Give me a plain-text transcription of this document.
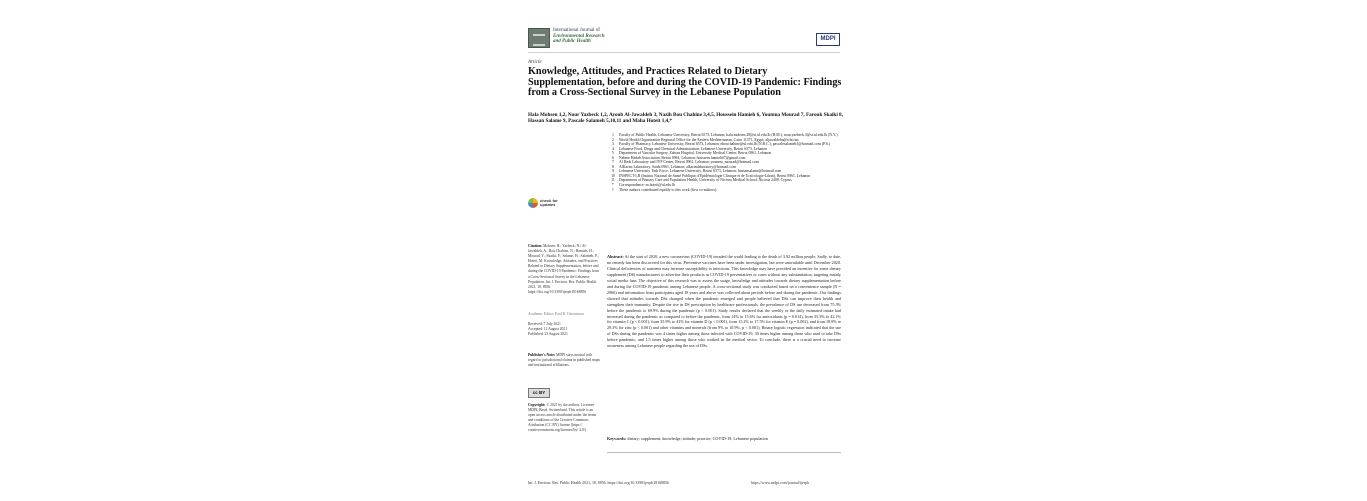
International Journal of
Environmental Research
and Public Health	MDPI
Article
Knowledge, Attitudes, and Practices Related to Dietary Supplementation, before and during the COVID-19 Pandemic: Findings from a Cross-Sectional Survey in the Lebanese Population
Hala Mohsen 1,2, Nour Yazbeck 1,2, Ayoub Al-Jawaldeh 3, Nazih Bou Chahine 3,4,5, Houssein Hamieh 6, Youmna Mourad 7, Farouk Skaiki 8, Hassan Salame 9, Pascale Salameh 5,10,11 and Maha Hoteit 1,4,*
1	Faculty of Public Health, Lebanese University, Beirut 6573, Lebanon; hala.mohsen.28@st.ul.edu.lb (H.M.); nour.yazbeck.3@st.ul.edu.lb (N.Y.)
2	World Health Organization Regional Office for the Eastern Mediterranean, Cairo 11371, Egypt; aljawaldeha@who.int
3	Faculty of Pharmacy, Lebanese University, Beirut 6573, Lebanon; nbouchahine@ul.edu.lb (N.B.C.); pascalesalameh1@hotmail.com (P.S.)
4	Lebanese Food, Drugs and Chemical Administration, Lebanese University, Beirut 6573, Lebanon
5	Department of Vascular Surgery, Zahraa Hospital, University Medical Center, Beirut 0961, Lebanon
6	Nehme Hadab Association, Beirut 0961, Lebanon; houssein.hamieh07@gmail.com
7	Al Hadi Laboratory and IVF Center, Beirut 0961, Lebanon; youmna_mourad@hotmail.com
8	AlKarim Laboratory, Saida 0961, Lebanon; alkarimlaboratory@hotmail.com
9	Lebanese University Task Force, Lebanese University, Beirut 6573, Lebanon; hassansalame@hotmail.com
10	INSPECT-LB (Institut National de Santé Publique, d'Epidémiologie Clinique et de Toxicologie-Liban), Beirut 0961, Lebanon
11	Department of Primary Care and Population Health, University of Nicosia Medical School, Nicosia 2408, Cyprus
*	Correspondence: m.hoteit@ul.edu.lb
†	These authors contributed equally to this work (first co-authors).
check for
updates
Citation: Mohsen, H.; Yazbeck, N.; Al-Jawaldeh, A.; Bou Chahine, N.; Hamieh, H.; Mourad, Y.; Skaiki, F.; Salame, H.; Salameh, P.; Hoteit, M. Knowledge, Attitudes, and Practices Related to Dietary Supplementation, before and during the COVID-19 Pandemic: Findings from a Cross-Sectional Survey in the Lebanese Population. Int. J. Environ. Res. Public Health 2021, 18, 8856. https://doi.org/10.3390/ijerph18168856
Academic Editor: Paul B. Tchounwou
Received: 7 July 2021
Accepted: 11 August 2021
Published: 23 August 2021
Publisher's Note: MDPI stays neutral with regard to jurisdictional claims in published maps and institutional affiliations.
cc BY
Copyright: © 2021 by the authors. Licensee MDPI, Basel, Switzerland. This article is an open access article distributed under the terms and conditions of the Creative Commons Attribution (CC BY) license (https:// creativecommons.org/licenses/by/ 4.0/).
Abstract: At the start of 2020, a new coronavirus (COVID-19) invaded the world leading to the death of 3.92 million people. Sadly, to date, no remedy has been discovered for this virus. Preventive vaccines have been under investigation, but were unavailable until December 2020. Clinical deficiencies of nutrients may increase susceptibility to infections. This knowledge may have provided an incentive for some dietary supplement (DS) manufacturers to advertise their products as COVID-19 preventatives or cures without any substantiation, targeting mainly social media fans. The objective of this research was to assess the usage, knowledge and attitudes towards dietary supplementation before and during the COVID-19 pandemic among Lebanese people. A cross-sectional study was conducted based on a convenience sample (N = 2966) and information from participants aged 18 years and above was collected about periods before and during the pandemic. Our findings showed that attitudes towards DSs changed when the pandemic emerged and people believed that DSs can improve their health and strengthen their immunity. Despite the rise in DS prescription by healthcare professionals, the prevalence of DS use decreased from 75.3% before the pandemic to 69.9% during the pandemic (p < 0.001). Study results declared that the weekly or the daily estimated intake had increased during the pandemic as compared to before the pandemic, from 14% to 15.6% for antioxidants (p = 0.014), from 35.3% to 42.1% for vitamin C (p < 0.001), from 35.9% to 41% for vitamin D (p < 0.001), from 15.2% to 17.5% for vitamin E (p = 0.002), and from 18.9% to 29.3% for zinc (p < 0.001) and other vitamins and minerals (from 9% to 10.9%, p < 0.001). Binary logistic regression indicated that the use of DSs during the pandemic was 4 times higher among those infected with COVID-19, 30 times higher among those who used to take DSs before pandemic, and 1.5 times higher among those who worked in the medical sector. To conclude, there is a crucial need to increase awareness among Lebanese people regarding the use of DSs.
Keywords: dietary; supplement; knowledge; attitude; practice; COVID-19; Lebanese population
Int. J. Environ. Res. Public Health 2021, 18, 8856. https://doi.org/10.3390/ijerph18168856	https://www.mdpi.com/journal/ijerph
